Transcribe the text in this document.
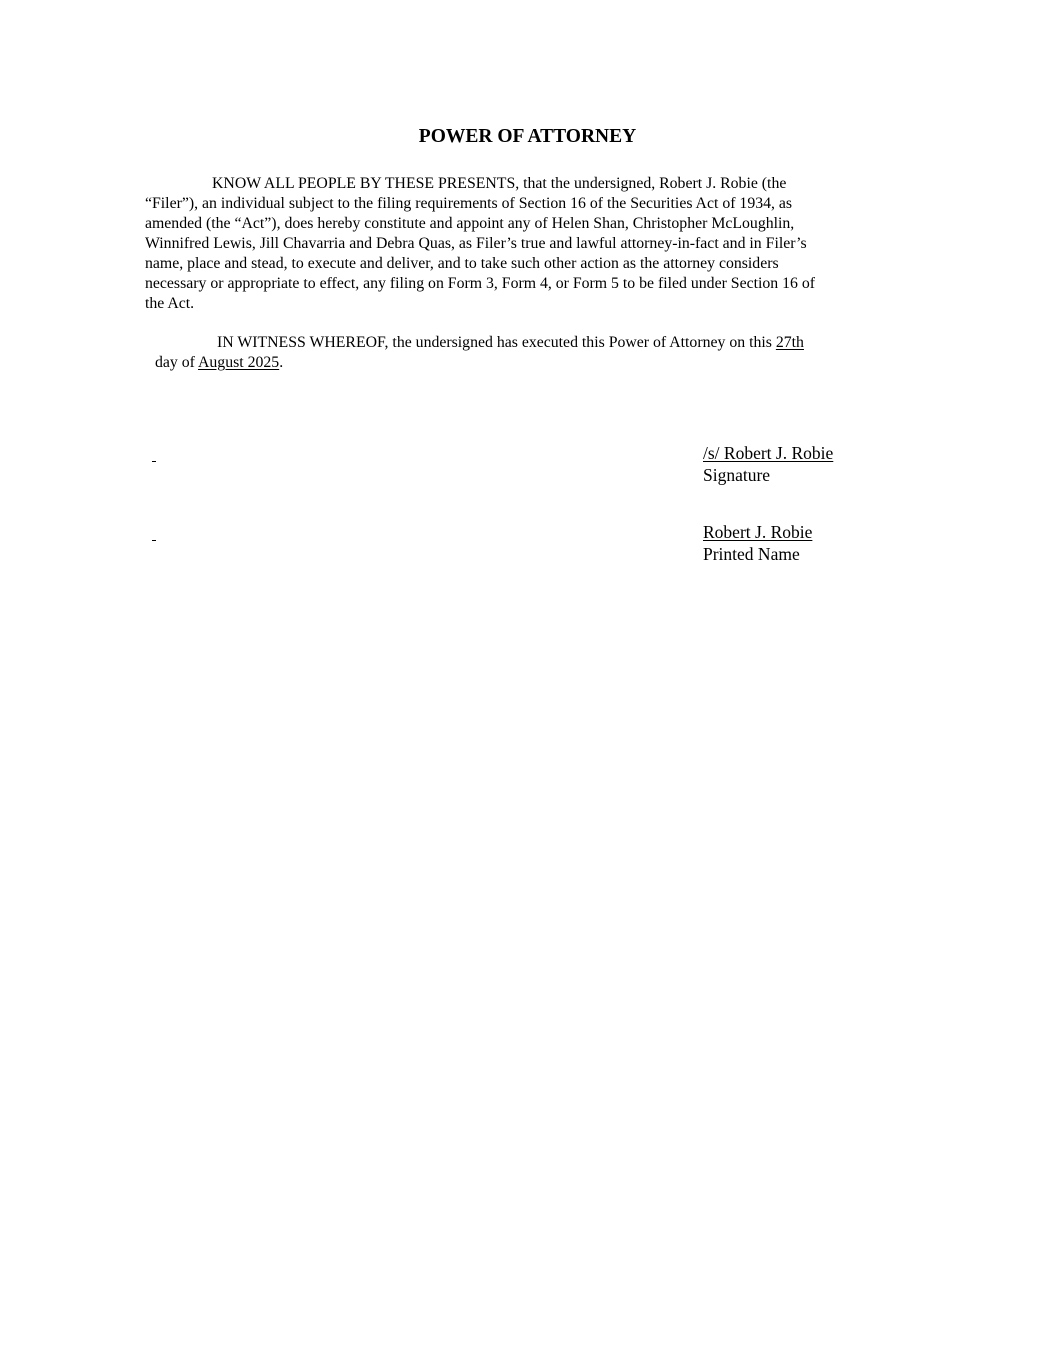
POWER OF ATTORNEY

KNOW ALL PEOPLE BY THESE PRESENTS, that the undersigned, Robert J. Robie (the
“Filer”), an individual subject to the filing requirements of Section 16 of the Securities Act of 1934, as
amended (the “Act”), does hereby constitute and appoint any of Helen Shan, Christopher McLoughlin,
Winnifred Lewis, Jill Chavarria and Debra Quas, as Filer’s true and lawful attorney-in-fact and in Filer’s
name, place and stead, to execute and deliver, and to take such other action as the attorney considers
necessary or appropriate to effect, any filing on Form 3, Form 4, or Form 5 to be filed under Section 16 of
the Act.

IN WITNESS WHEREOF, the undersigned has executed this Power of Attorney on this 27th
day of August 2025.

/s/ Robert J. Robie
Signature
Robert J. Robie
Printed Name
